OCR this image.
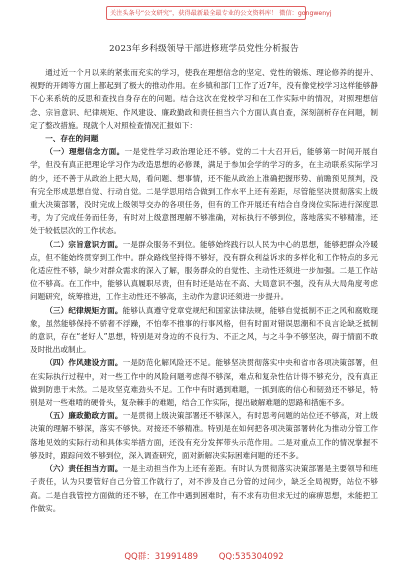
关注头条号“公文研究”，获得最新最全最专业的公文资料库！ 微信：gongwenyj
2023年乡科级领导干部进修班学员党性分析报告

通过近一个月以来的紧张而充实的学习，使我在理想信念的坚定、党性的锻炼、理论修养的提升、视野的开阔等方面上都起到了极大的推动作用。在乡镇和部门工作了近7年，没有像党校学习这样能够静下心来系统的反思和查找自身存在的问题。结合这次在党校学习和在工作实际中的情况，对照理想信念、宗旨意识、纪律规矩、作风建设、廉政勤政和责任担当六个方面认真自查，深刻剖析存在问题，制定了整改措施。现就个人对照检查情况汇报如下：

一、存在的问题

（一）理想信念方面。一是党性学习政治理论还不够。党的二十大召开后，能够第一时间开展自学，但没有真正把理论学习作为改造思想的必修课，满足于参加会学的学习的多，在主动联系实际学习的少，还不善于从政治上把大局，看问题、想事情，还不能从政治上准确把握形势、前瞻预见预判，没有完全形成思想自觉、行动自觉。二是学思用结合做到工作水平上还有差距，尽管能坚决贯彻落实上级重大决策部署，没时完成上级领导交办的各项任务，但有的工作开展还有结合自身岗位实际进行深度思考，为了完成任务而任务，有时对上级意图理解不够准确，对标执行不够到位，落地落实不够精准，还处于较低层次的工作状态。

（二）宗旨意识方面。一是群众服务不到位。能够始终践行以人民为中心的思想，能够把群众冷暖点，但不能始终贯穿到工作中。群众路线坚持得不够好，没有群众利益诉求的多样化和工作特点的多元化适应性不够，缺少对群众需求的深入了解，服务群众的自觉性、主动性还须进一步加强。二是工作站位不够高。在工作中，能够认真履职尽责，但有时还是站在不高、大局意识不强，没有从大局角度考虑问题研究，统筹推进，工作主动性还不够高，主动作为意识还须进一步提升。

（三）纪律规矩方面。能够认真遵守党章党规纪和国家法律法规，能够自觉抵制不正之风和腐败现象，虽然能够保持不骄奢不浮躁，不怕奉不推事的行事风格，但有时面对错误思潮和不良言论缺乏抵制的意识，存在“老好人”思想，特别是对身边的不良行为、不正之风，与之斗争不够坚决，碍于情面不敢及时批出或制止。

（四）作风建设方面。一是防范化解风险还不足。能够坚决贯彻落实中央和省市各项决策部署，但在实际执行过程中，对一些工作中的风险问题考虑得不够深，难点和复杂性估计得不够充分，没有真正做到防患于未然。二是攻坚克难劲头不足。工作中有时遇到难题，一抓到底的信心和韧劲还不够足，特别是对一些难啃的硬骨头，复杂棘手的难题，结合工作实际，提出破解难题的思路和措施不多。

（五）廉政勤政方面。一是贯彻上级决策部署还不够深入，有时思考问题的站位还不够高，对上级决策的理解不够深，落实不够快。对接还不够精准。特别是在如何把各项决策部署转化为推动分管工作落地见效的实际行动和具体实举措方面，还没有充分发挥带头示范作用。二是对重点工作的情况掌握不够及时，跟踪问效不够到位，深入调查研究，面对新解决实际困难问题的还不多。

（六）责任担当方面。一是主动担当作为上还有差距。有时认为贯彻落实决策部署是主要领导和班子责任，认为只要管好自己分管工作就行了，对不涉及自己分管的过问少，缺乏全局视野，站位不够高。二是自我管控方面做的还不够，在工作中遇到困难时，有不求有功但求无过的麻痹思想，未能把工作做实。

QQ群：31991489 QQ:535304092
